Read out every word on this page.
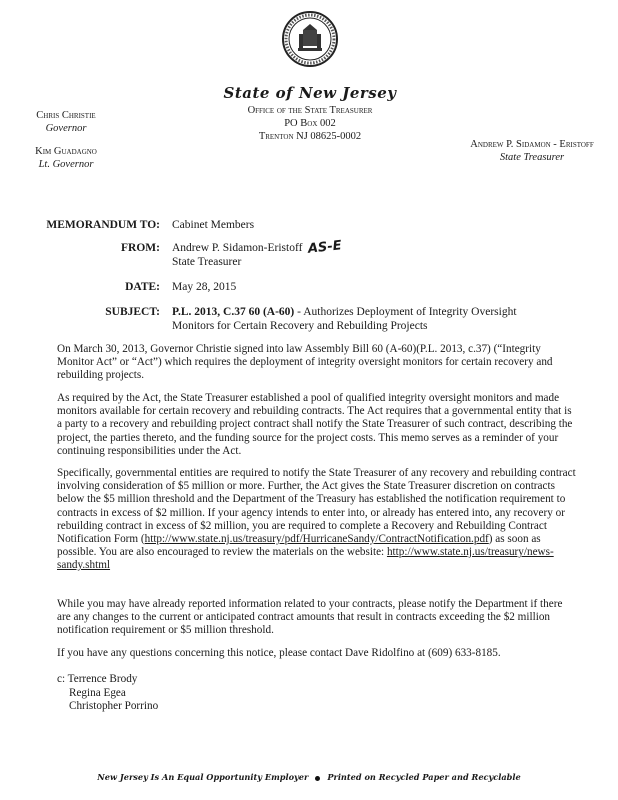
State of New Jersey
Office of the State Treasurer
PO Box 002
Trenton NJ 08625-0002
Chris Christie
Governor
Kim Guadagno
Lt. Governor
Andrew P. Sidamon - Eristoff
State Treasurer
MEMORANDUM TO: Cabinet Members
FROM: Andrew P. Sidamon-Eristoff AS-E
State Treasurer
DATE: May 28, 2015
SUBJECT: P.L. 2013, C.37 60 (A-60) - Authorizes Deployment of Integrity Oversight
Monitors for Certain Recovery and Rebuilding Projects

On March 30, 2013, Governor Christie signed into law Assembly Bill 60 (A-60)(P.L. 2013, c.37) (“Integrity Monitor Act” or “Act”) which requires the deployment of integrity oversight monitors for certain recovery and rebuilding projects.

As required by the Act, the State Treasurer established a pool of qualified integrity oversight monitors and made monitors available for certain recovery and rebuilding contracts. The Act requires that a governmental entity that is a party to a recovery and rebuilding project contract shall notify the State Treasurer of such contract, describing the project, the parties thereto, and the funding source for the project costs. This memo serves as a reminder of your continuing responsibilities under the Act.

Specifically, governmental entities are required to notify the State Treasurer of any recovery and rebuilding contract involving consideration of $5 million or more. Further, the Act gives the State Treasurer discretion on contracts below the $5 million threshold and the Department of the Treasury has established the notification requirement to contracts in excess of $2 million. If your agency intends to enter into, or already has entered into, any recovery or rebuilding contract in excess of $2 million, you are required to complete a Recovery and Rebuilding Contract Notification Form (http://www.state.nj.us/treasury/pdf/HurricaneSandy/ContractNotification.pdf) as soon as possible. You are also encouraged to review the materials on the website: http://www.state.nj.us/treasury/news-sandy.shtml

While you may have already reported information related to your contracts, please notify the Department if there are any changes to the current or anticipated contract amounts that result in contracts exceeding the $2 million notification requirement or $5 million threshold.

If you have any questions concerning this notice, please contact Dave Ridolfino at (609) 633-8185.

c: Terrence Brody
Regina Egea
Christopher Porrino
New Jersey Is An Equal Opportunity Employer Printed on Recycled Paper and Recyclable
